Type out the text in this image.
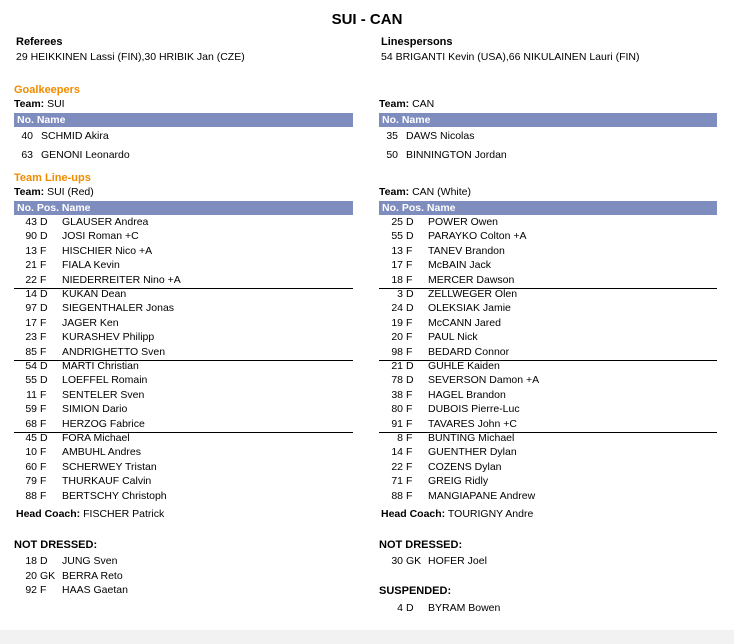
SUI - CAN
Referees
29 HEIKKINEN Lassi (FIN),30 HRIBIK Jan (CZE)
Linespersons
54 BRIGANTI Kevin (USA),66 NIKULAINEN Lauri (FIN)
Goalkeepers
Team: SUI
No. Name
40 SCHMID Akira
63 GENONI Leonardo
Team: CAN
No. Name
35 DAWS Nicolas
50 BINNINGTON Jordan
Team Line-ups
Team: SUI (Red)
No. Pos. Name
43 D GLAUSER Andrea
90 D JOSI Roman +C
13 F HISCHIER Nico +A
21 F FIALA Kevin
22 F NIEDERREITER Nino +A
14 D KUKAN Dean
97 D SIEGENTHALER Jonas
17 F JAGER Ken
23 F KURASHEV Philipp
85 F ANDRIGHETTO Sven
54 D MARTI Christian
55 D LOEFFEL Romain
11 F SENTELER Sven
59 F SIMION Dario
68 F HERZOG Fabrice
45 D FORA Michael
10 F AMBUHL Andres
60 F SCHERWEY Tristan
79 F THURKAUF Calvin
88 F BERTSCHY Christoph
Team: CAN (White)
No. Pos. Name
25 D POWER Owen
55 D PARAYKO Colton +A
13 F TANEV Brandon
17 F McBAIN Jack
18 F MERCER Dawson
3 D ZELLWEGER Olen
24 D OLEKSIAK Jamie
19 F McCANN Jared
20 F PAUL Nick
98 F BEDARD Connor
21 D GUHLE Kaiden
78 D SEVERSON Damon +A
38 F HAGEL Brandon
80 F DUBOIS Pierre-Luc
91 F TAVARES John +C
8 F BUNTING Michael
14 F GUENTHER Dylan
22 F COZENS Dylan
71 F GREIG Ridly
88 F MANGIAPANE Andrew
Head Coach: FISCHER Patrick	Head Coach: TOURIGNY Andre
NOT DRESSED:
18 D JUNG Sven
20 GK BERRA Reto
92 F HAAS Gaetan
NOT DRESSED:
30 GK HOFER Joel
SUSPENDED:
4 D BYRAM Bowen
